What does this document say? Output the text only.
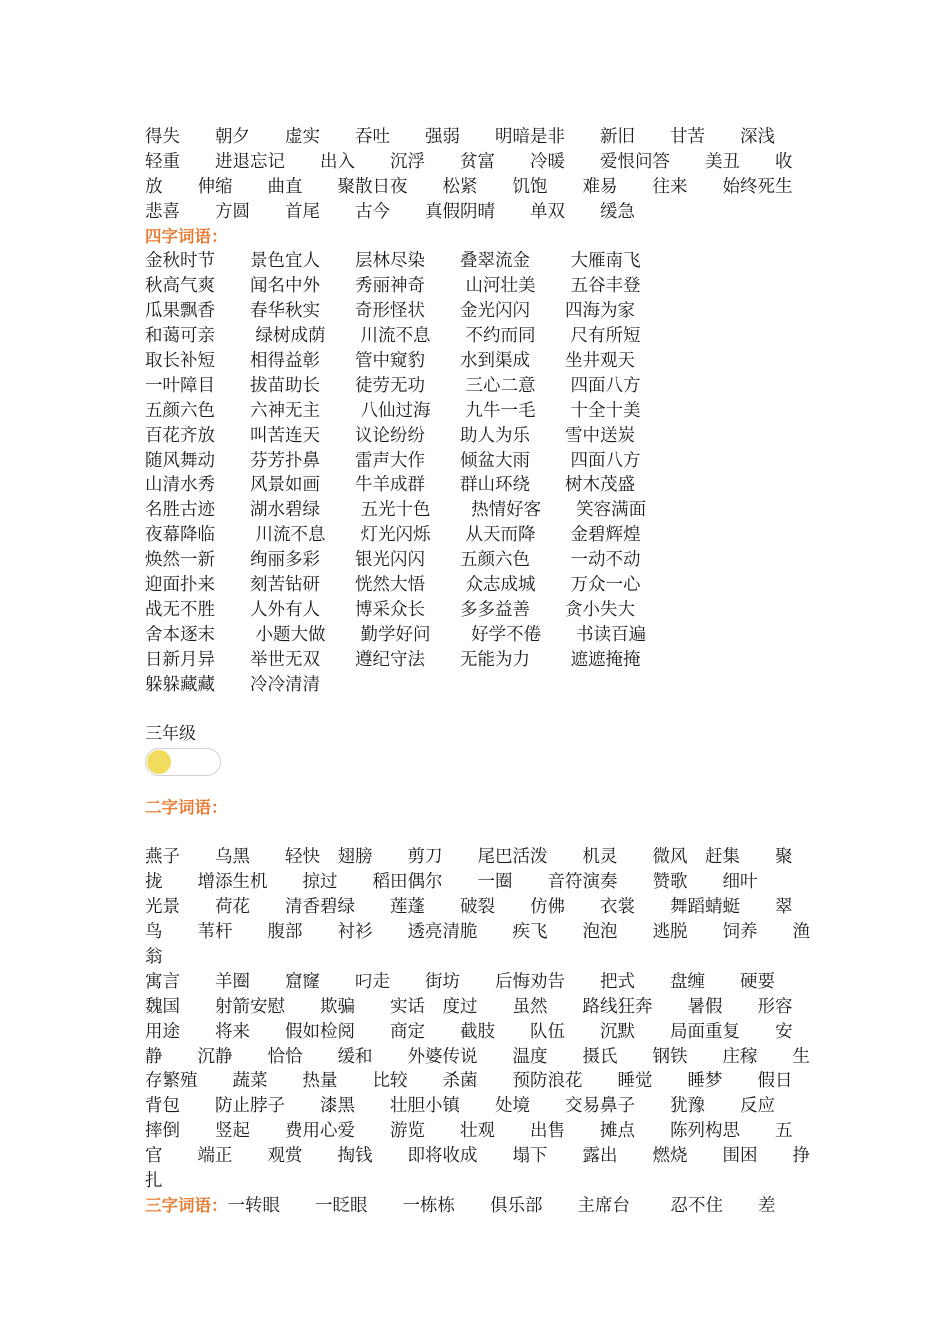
得失　　朝夕　　虚实　　吞吐　　强弱　　明暗是非　　新旧　　甘苦　　深浅
轻重　　进退忘记　　出入　　沉浮　　贫富　　冷暖　　爱恨问答　　美丑　　收
放　　伸缩　　曲直　　聚散日夜　　松紧　　饥饱　　难易　　往来　　始终死生
悲喜　　方圆　　首尾　　古今　　真假阴晴　　单双　　缓急
四字词语：
金秋时节　　景色宜人　　层林尽染　　叠翠流金　　 大雁南飞
秋高气爽　　闻名中外　　秀丽神奇　　 山河壮美　　五谷丰登
瓜果飘香　　春华秋实　　奇形怪状　　金光闪闪　　四海为家
和蔼可亲　　 绿树成荫　　川流不息　　不约而同　　尺有所短
取长补短　　相得益彰　　管中窥豹　　水到渠成　　坐井观天
一叶障目　　拔苗助长　　徒劳无功　　 三心二意　　四面八方
五颜六色　　六神无主　　 八仙过海　　九牛一毛　　十全十美
百花齐放　　叫苦连天　　议论纷纷　　助人为乐　　雪中送炭
随风舞动　　芬芳扑鼻　　雷声大作　　倾盆大雨　　 四面八方
山清水秀　　风景如画　　牛羊成群　　群山环绕　　树木茂盛
名胜古迹　　湖水碧绿　　 五光十色　　 热情好客　　笑容满面
夜幕降临　　 川流不息　　灯光闪烁　　从天而降　　金碧辉煌
焕然一新　　绚丽多彩　　银光闪闪　　五颜六色　　 一动不动
迎面扑来　　刻苦钻研　　恍然大悟　　 众志成城　　万众一心
战无不胜　　人外有人　　博采众长　　多多益善　　贪小失大
舍本逐末　　 小题大做　　勤学好问　　 好学不倦　　书读百遍
日新月异　　举世无双　　遵纪守法　　无能为力　　 遮遮掩掩
躲躲藏藏　　冷冷清清
三年级
二字词语：
燕子　　乌黑　　轻快　翅膀　　剪刀　　尾巴活泼　　机灵　　微风　赶集　　聚
拢　　增添生机　　掠过　　稻田偶尔　　一圈　　音符演奏　　赞歌　　细叶
光景　　荷花　　清香碧绿　　莲蓬　　破裂　　仿佛　　衣裳　　舞蹈蜻蜓　　翠
鸟　　苇杆　　腹部　　衬衫　　透亮清脆　　疾飞　　泡泡　　逃脱　　饲养　　渔
翁
寓言　　羊圈　　窟窿　　叼走　　街坊　　后悔劝告　　把式　　盘缠　　硬要
魏国　　射箭安慰　　欺骗　　实话　度过　　虽然　　路线狂奔　　暑假　　形容
用途　　将来　　假如检阅　　商定　　截肢　　队伍　　沉默　　局面重复　　安
静　　沉静　　恰恰　　缓和　　外婆传说　　温度　　摄氏　　钢铁　　庄稼　　生
存繁殖　　蔬菜　　热量　　比较　　杀菌　　预防浪花　　睡觉　　睡梦　　假日
背包　　防止脖子　　漆黑　　壮胆小镇　　处境　　交易鼻子　　犹豫　　反应
摔倒　　竖起　　费用心爱　　游览　　壮观　　出售　　摊点　　陈列构思　　五
官　　端正　　观赏　　掏钱　　即将收成　　塌下　　露出　　燃烧　　围困　　挣
扎
三字词语：一转眼　　一眨眼　　一栋栋　　俱乐部　　主席台　　 忍不住　　差
